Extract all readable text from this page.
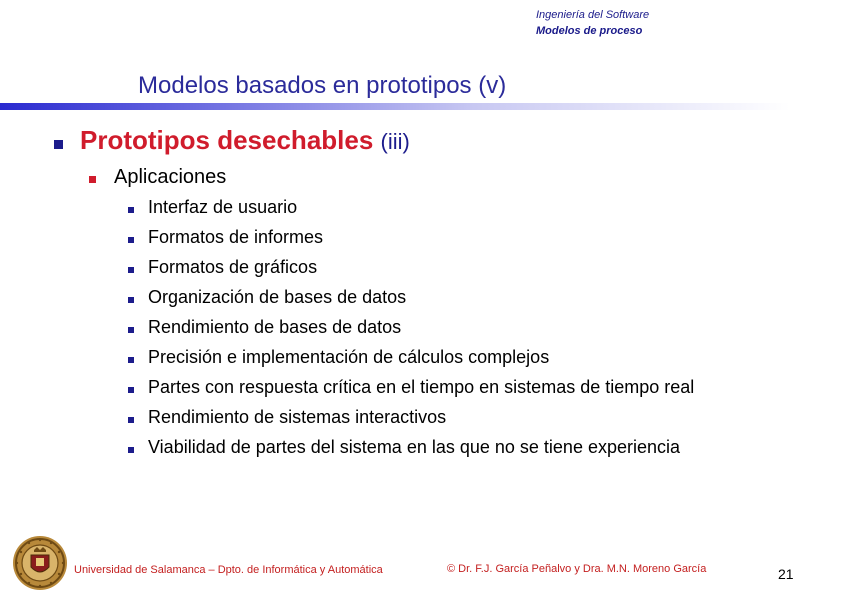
Ingeniería del Software
Modelos de proceso
Modelos basados en prototipos (v)
Prototipos desechables (iii)
Aplicaciones
Interfaz de usuario
Formatos de informes
Formatos de gráficos
Organización de bases de datos
Rendimiento de bases de datos
Precisión e implementación de cálculos complejos
Partes con respuesta crítica en el tiempo en sistemas de tiempo real
Rendimiento de sistemas interactivos
Viabilidad de partes del sistema en las que no se tiene experiencia
Universidad de Salamanca – Dpto. de Informática y Automática	© Dr. F.J. García Peñalvo y Dra. M.N. Moreno García	21
